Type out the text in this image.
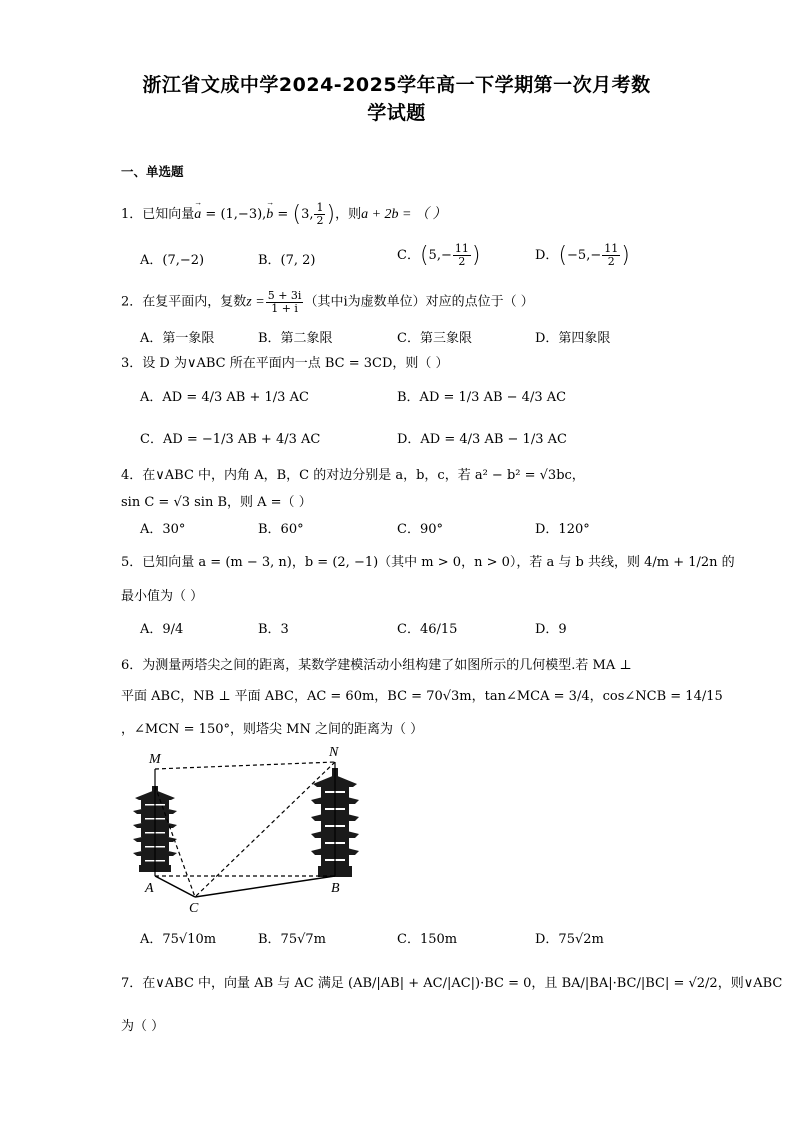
浙江省文成中学2024-2025学年高一下学期第一次月考数
学试题
一、单选题
1．已知向量→ a = (1,−3),→ b = (3, $\frac{1}{2}$ )，则a + 2b = （ ）
A．(7,−2)	B．(7, 2)	C．($5,- \frac{11}{2}$ )	D．($-5,- \frac{11}{2}$ )
2．在复平面内，复数$z = \frac{5 + 3i}{1 + i}$ （其中i为虚数单位）对应的点位于（ ）
A．第一象限	B．第二象限	C．第三象限	D．第四象限
3．设 D 为∨ABC 所在平面内一点 BC = 3CD，则（ ）
A．AD = 4/3 AB + 1/3 AC	B．AD = 1/3 AB − 4/3 AC
C．AD = −1/3 AB + 4/3 AC	D．AD = 4/3 AB − 1/3 AC
4．在∨ABC 中，内角 A，B，C 的对边分别是 a，b，c，若 a² − b² = √3bc，
sin C = √3 sin B，则 A =（ ）
A．30°	B．60°	C．90°	D．120°
5．已知向量 a = (m − 3, n)，b = (2, −1)（其中 m > 0，n > 0），若 a 与 b 共线，则 4/m + 1/2n 的
最小值为（ ）
A．9/4	B．3	C．46/15	D．9
6．为测量两塔尖之间的距离，某数学建模活动小组构建了如图所示的几何模型.若 MA ⊥
平面 ABC，NB ⊥ 平面 ABC，AC = 60m，BC = 70√3m，tan∠MCA = 3/4，cos∠NCB = 14/15
，∠MCN = 150°，则塔尖 MN 之间的距离为（ ）
M	N
A	B
C
A．75√10m	B．75√7m	C．150m	D．75√2m
7．在∨ABC 中，向量 AB 与 AC 满足 (AB/|AB| + AC/|AC|)·BC = 0，且 BA/|BA|·BC/|BC| = √2/2，则∨ABC
为（ ）
